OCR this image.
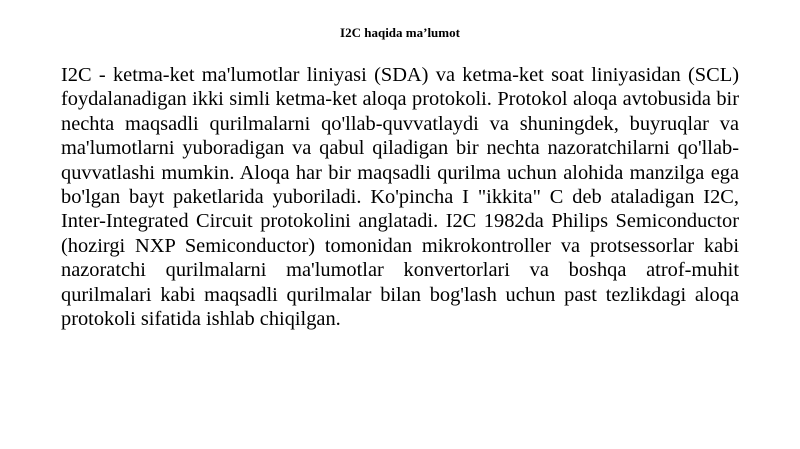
I2C haqida ma’lumot

I2C - ketma-ket ma'lumotlar liniyasi (SDA) va ketma-ket soat liniyasidan (SCL) foydalanadigan ikki simli ketma-ket aloqa protokoli. Protokol aloqa avtobusida bir nechta maqsadli qurilmalarni qo'llab-quvvatlaydi va shuningdek, buyruqlar va ma'lumotlarni yuboradigan va qabul qiladigan bir nechta nazoratchilarni qo'llab-quvvatlashi mumkin. Aloqa har bir maqsadli qurilma uchun alohida manzilga ega bo'lgan bayt paketlarida yuboriladi. Ko'pincha I "ikkita" C deb ataladigan I2C, Inter-Integrated Circuit protokolini anglatadi. I2C 1982da Philips Semiconductor (hozirgi NXP Semiconductor) tomonidan mikrokontroller va protsessorlar kabi nazoratchi qurilmalarni ma'lumotlar konvertorlari va boshqa atrof-muhit qurilmalari kabi maqsadli qurilmalar bilan bog'lash uchun past tezlikdagi aloqa protokoli sifatida ishlab chiqilgan.
